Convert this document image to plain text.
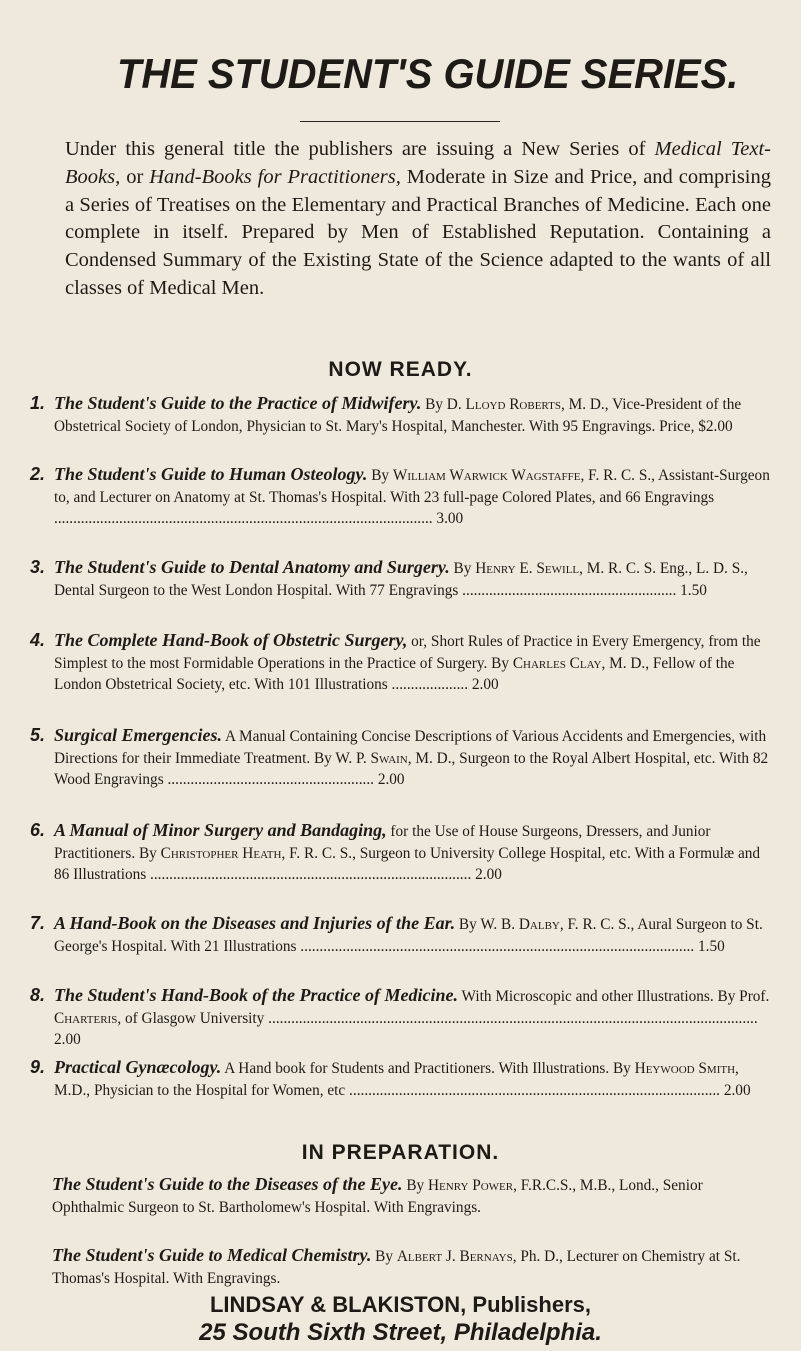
THE STUDENT'S GUIDE SERIES.
Under this general title the publishers are issuing a New Series of Medical Text-Books, or Hand-Books for Practitioners, Moderate in Size and Price, and comprising a Series of Treatises on the Elementary and Practical Branches of Medicine. Each one complete in itself. Prepared by Men of Established Reputation. Containing a Condensed Summary of the Existing State of the Science adapted to the wants of all classes of Medical Men.
NOW READY.
1. The Student's Guide to the Practice of Midwifery. By D. Lloyd Roberts, M. D., Vice-President of the Obstetrical Society of London, Physician to St. Mary's Hospital, Manchester. With 95 Engravings. Price, $2.00
2. The Student's Guide to Human Osteology. By William Warwick Wagstaffe, F. R. C. S., Assistant-Surgeon to, and Lecturer on Anatomy at St. Thomas's Hospital. With 23 full-page Colored Plates, and 66 Engravings ................................................................................................... 3.00
3. The Student's Guide to Dental Anatomy and Surgery. By Henry E. Sewill, M. R. C. S. Eng., L. D. S., Dental Surgeon to the West London Hospital. With 77 Engravings ........................................................ 1.50
4. The Complete Hand-Book of Obstetric Surgery, or, Short Rules of Practice in Every Emergency, from the Simplest to the most Formidable Operations in the Practice of Surgery. By Charles Clay, M. D., Fellow of the London Obstetrical Society, etc. With 101 Illustrations .................... 2.00
5. Surgical Emergencies. A Manual Containing Concise Descriptions of Various Accidents and Emergencies, with Directions for their Immediate Treatment. By W. P. Swain, M. D., Surgeon to the Royal Albert Hospital, etc. With 82 Wood Engravings ...................................................... 2.00
6. A Manual of Minor Surgery and Bandaging, for the Use of House Surgeons, Dressers, and Junior Practitioners. By Christopher Heath, F. R. C. S., Surgeon to University College Hospital, etc. With a Formulæ and 86 Illustrations .................................................................................... 2.00
7. A Hand-Book on the Diseases and Injuries of the Ear. By W. B. Dalby, F. R. C. S., Aural Surgeon to St. George's Hospital. With 21 Illustrations ....................................................................................................... 1.50
8. The Student's Hand-Book of the Practice of Medicine. With Microscopic and other Illustrations. By Prof. Charteris, of Glasgow University ................................................................................................................................ 2.00
9. Practical Gynæcology. A Hand book for Students and Practitioners. With Illustrations. By Heywood Smith, M.D., Physician to the Hospital for Women, etc ................................................................................................. 2.00
IN PREPARATION.
The Student's Guide to the Diseases of the Eye. By Henry Power, F.R.C.S., M.B., Lond., Senior Ophthalmic Surgeon to St. Bartholomew's Hospital. With Engravings.
The Student's Guide to Medical Chemistry. By Albert J. Bernays, Ph. D., Lecturer on Chemistry at St. Thomas's Hospital. With Engravings.
LINDSAY & BLAKISTON, Publishers,
25 South Sixth Street, Philadelphia.
